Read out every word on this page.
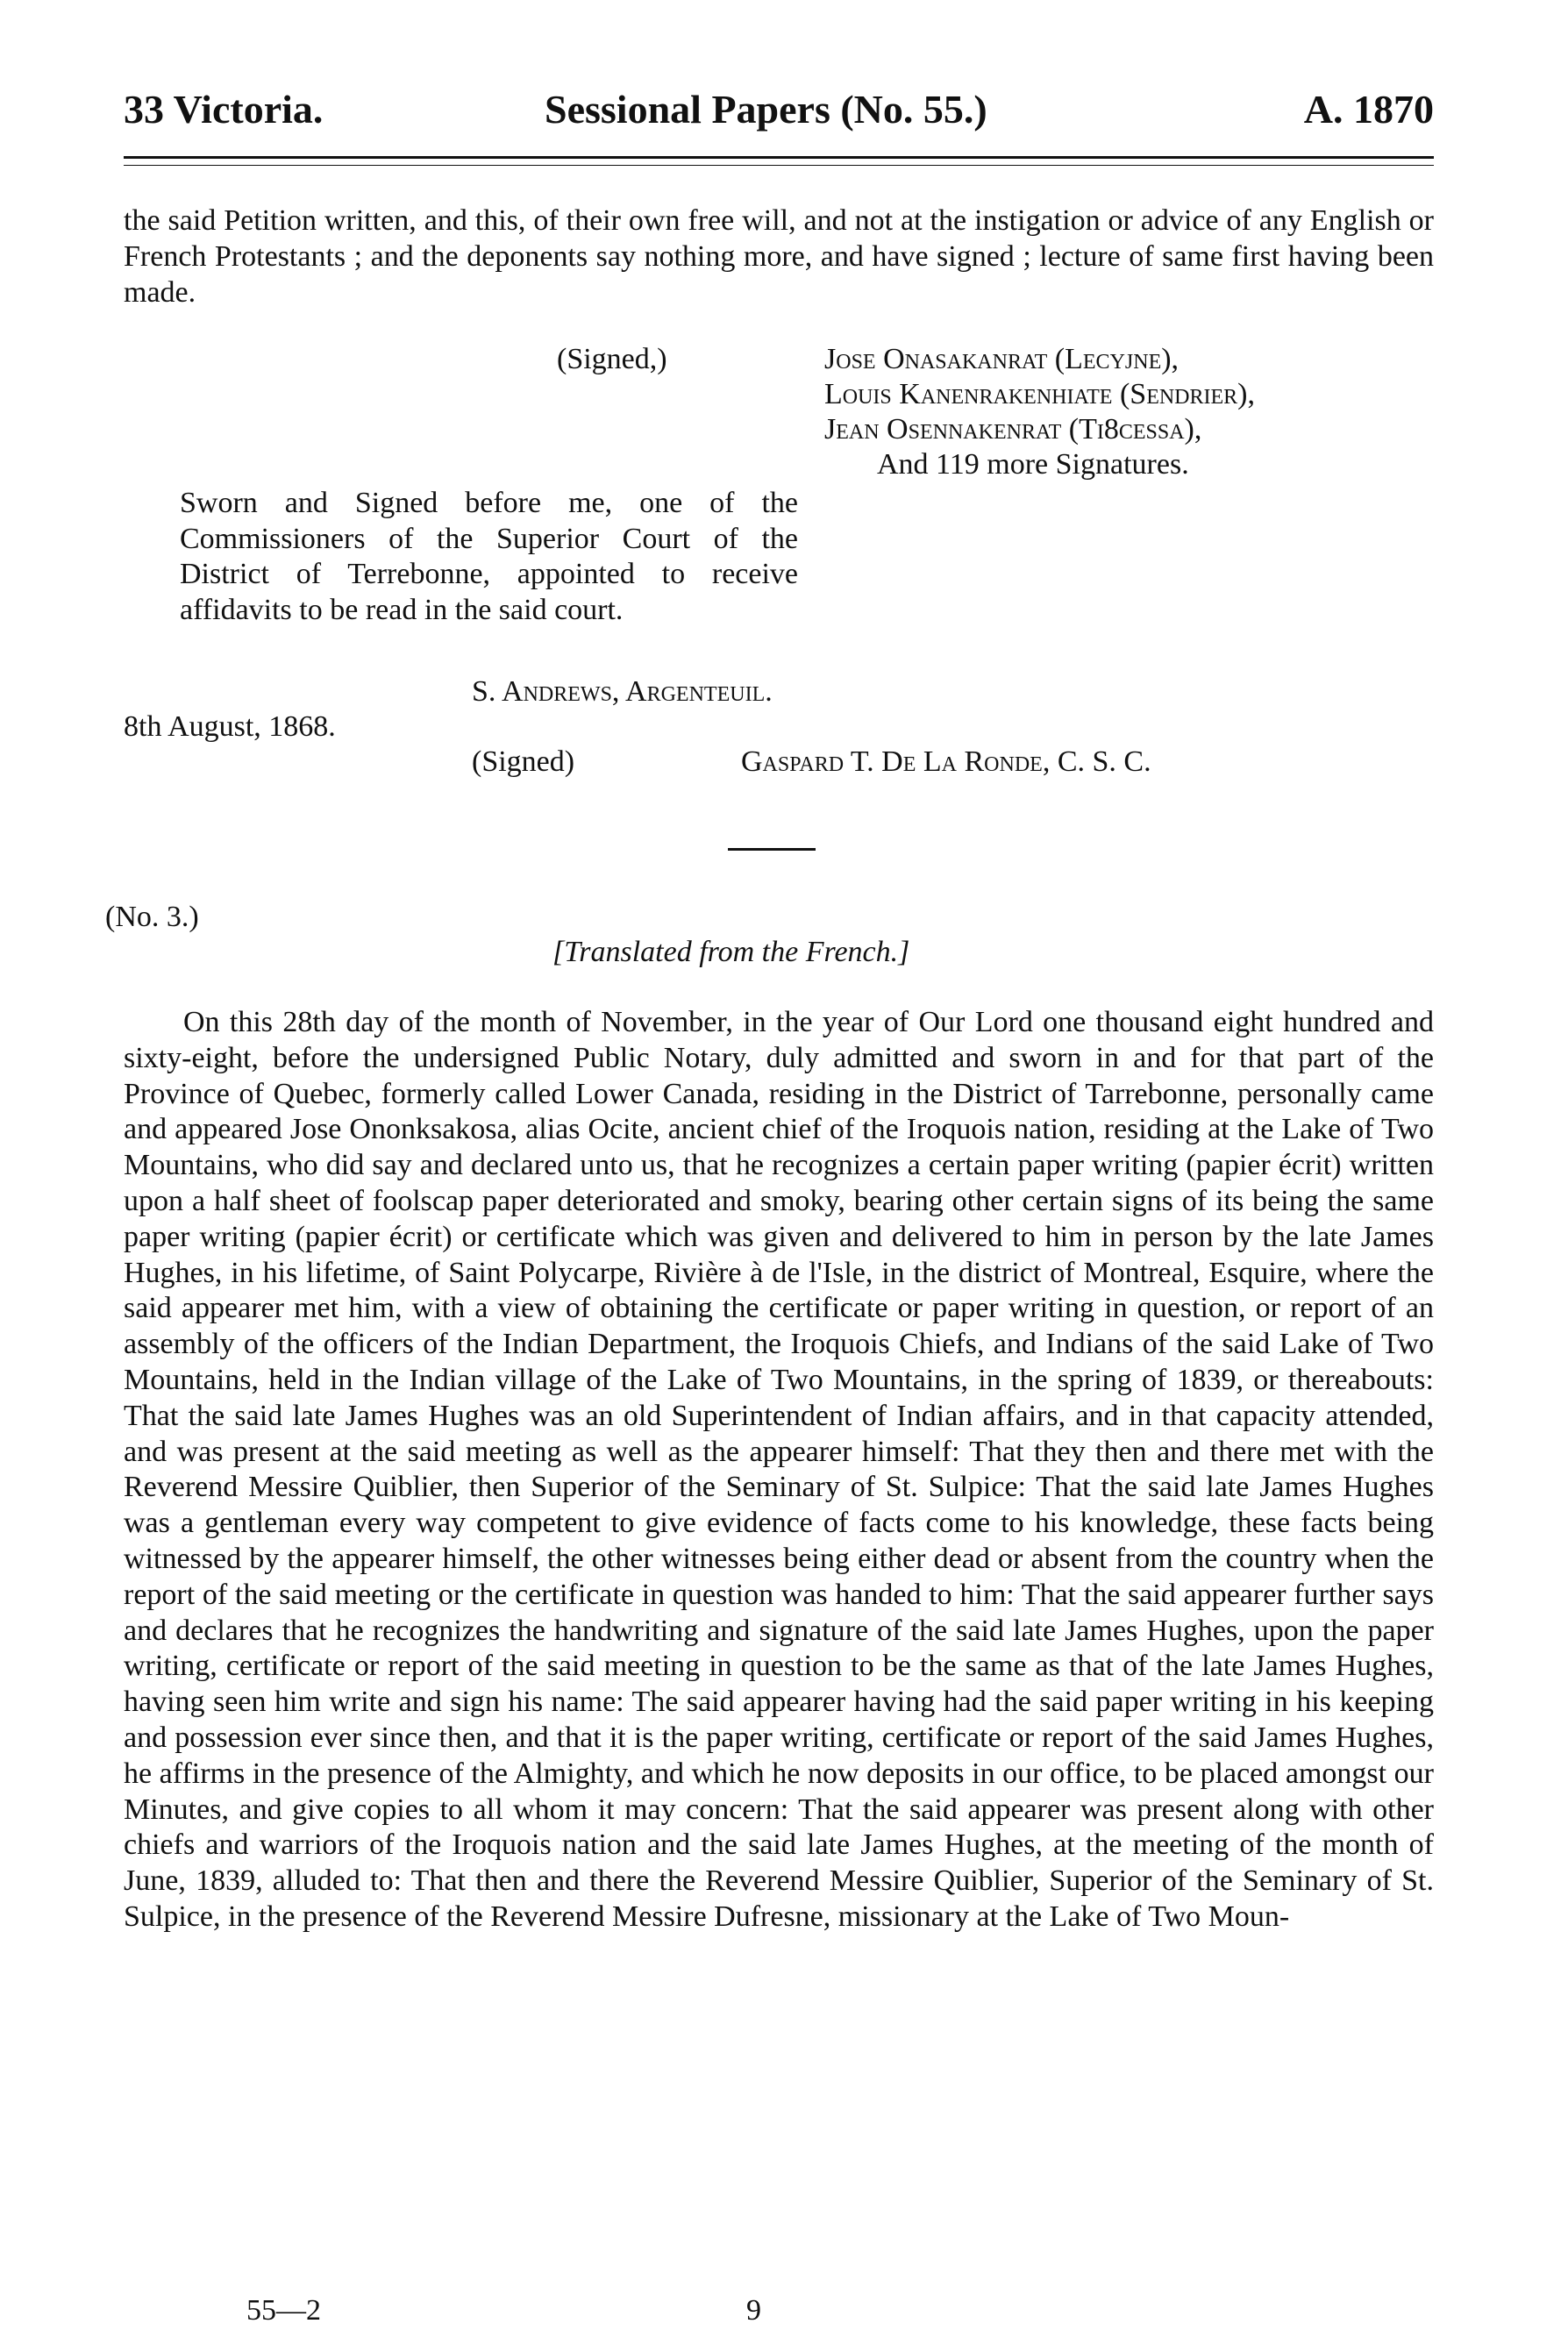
33 Victoria.	Sessional Papers (No. 55.)	A. 1870
the said Petition written, and this, of their own free will, and not at the instigation or advice of any English or French Protestants ; and the deponents say nothing more, and have signed ; lecture of same first having been made.
(Signed,)	Jose Onasakanrat (Lecyjne),
Louis Kanenrakenhiate (Sendrier),
Jean Osennakenrat (Ti8cessa),
And 119 more Signatures.
Sworn and Signed before me, one of the Commissioners of the Superior Court of the District of Terrebonne, appointed to receive affidavits to be read in the said court.
S. Andrews, Argenteuil.
8th August, 1868.
(Signed)	Gaspard T. De La Ronde, C. S. C.
(No. 3.)
[Translated from the French.]
On this 28th day of the month of November, in the year of Our Lord one thousand eight hundred and sixty-eight, before the undersigned Public Notary, duly admitted and sworn in and for that part of the Province of Quebec, formerly called Lower Canada, residing in the District of Tarrebonne, personally came and appeared Jose Ononksakosa, alias Ocite, ancient chief of the Iroquois nation, residing at the Lake of Two Mountains, who did say and declared unto us, that he recognizes a certain paper writing (papier écrit) written upon a half sheet of foolscap paper deteriorated and smoky, bearing other certain signs of its being the same paper writing (papier écrit) or certificate which was given and delivered to him in person by the late James Hughes, in his lifetime, of Saint Polycarpe, Rivière à de l'Isle, in the district of Montreal, Esquire, where the said appearer met him, with a view of obtaining the certificate or paper writing in question, or report of an assembly of the officers of the Indian Department, the Iroquois Chiefs, and Indians of the said Lake of Two Mountains, held in the Indian village of the Lake of Two Mountains, in the spring of 1839, or thereabouts: That the said late James Hughes was an old Superintendent of Indian affairs, and in that capacity attended, and was present at the said meeting as well as the appearer himself: That they then and there met with the Reverend Messire Quiblier, then Superior of the Seminary of St. Sulpice: That the said late James Hughes was a gentleman every way competent to give evidence of facts come to his knowledge, these facts being witnessed by the appearer himself, the other witnesses being either dead or absent from the country when the report of the said meeting or the certificate in question was handed to him: That the said appearer further says and declares that he recognizes the handwriting and signature of the said late James Hughes, upon the paper writing, certificate or report of the said meeting in question to be the same as that of the late James Hughes, having seen him write and sign his name: The said appearer having had the said paper writing in his keeping and possession ever since then, and that it is the paper writing, certificate or report of the said James Hughes, he affirms in the presence of the Almighty, and which he now deposits in our office, to be placed amongst our Minutes, and give copies to all whom it may concern: That the said appearer was present along with other chiefs and warriors of the Iroquois nation and the said late James Hughes, at the meeting of the month of June, 1839, alluded to: That then and there the Reverend Messire Quiblier, Superior of the Seminary of St. Sulpice, in the presence of the Reverend Messire Dufresne, missionary at the Lake of Two Moun-
55—2	9
